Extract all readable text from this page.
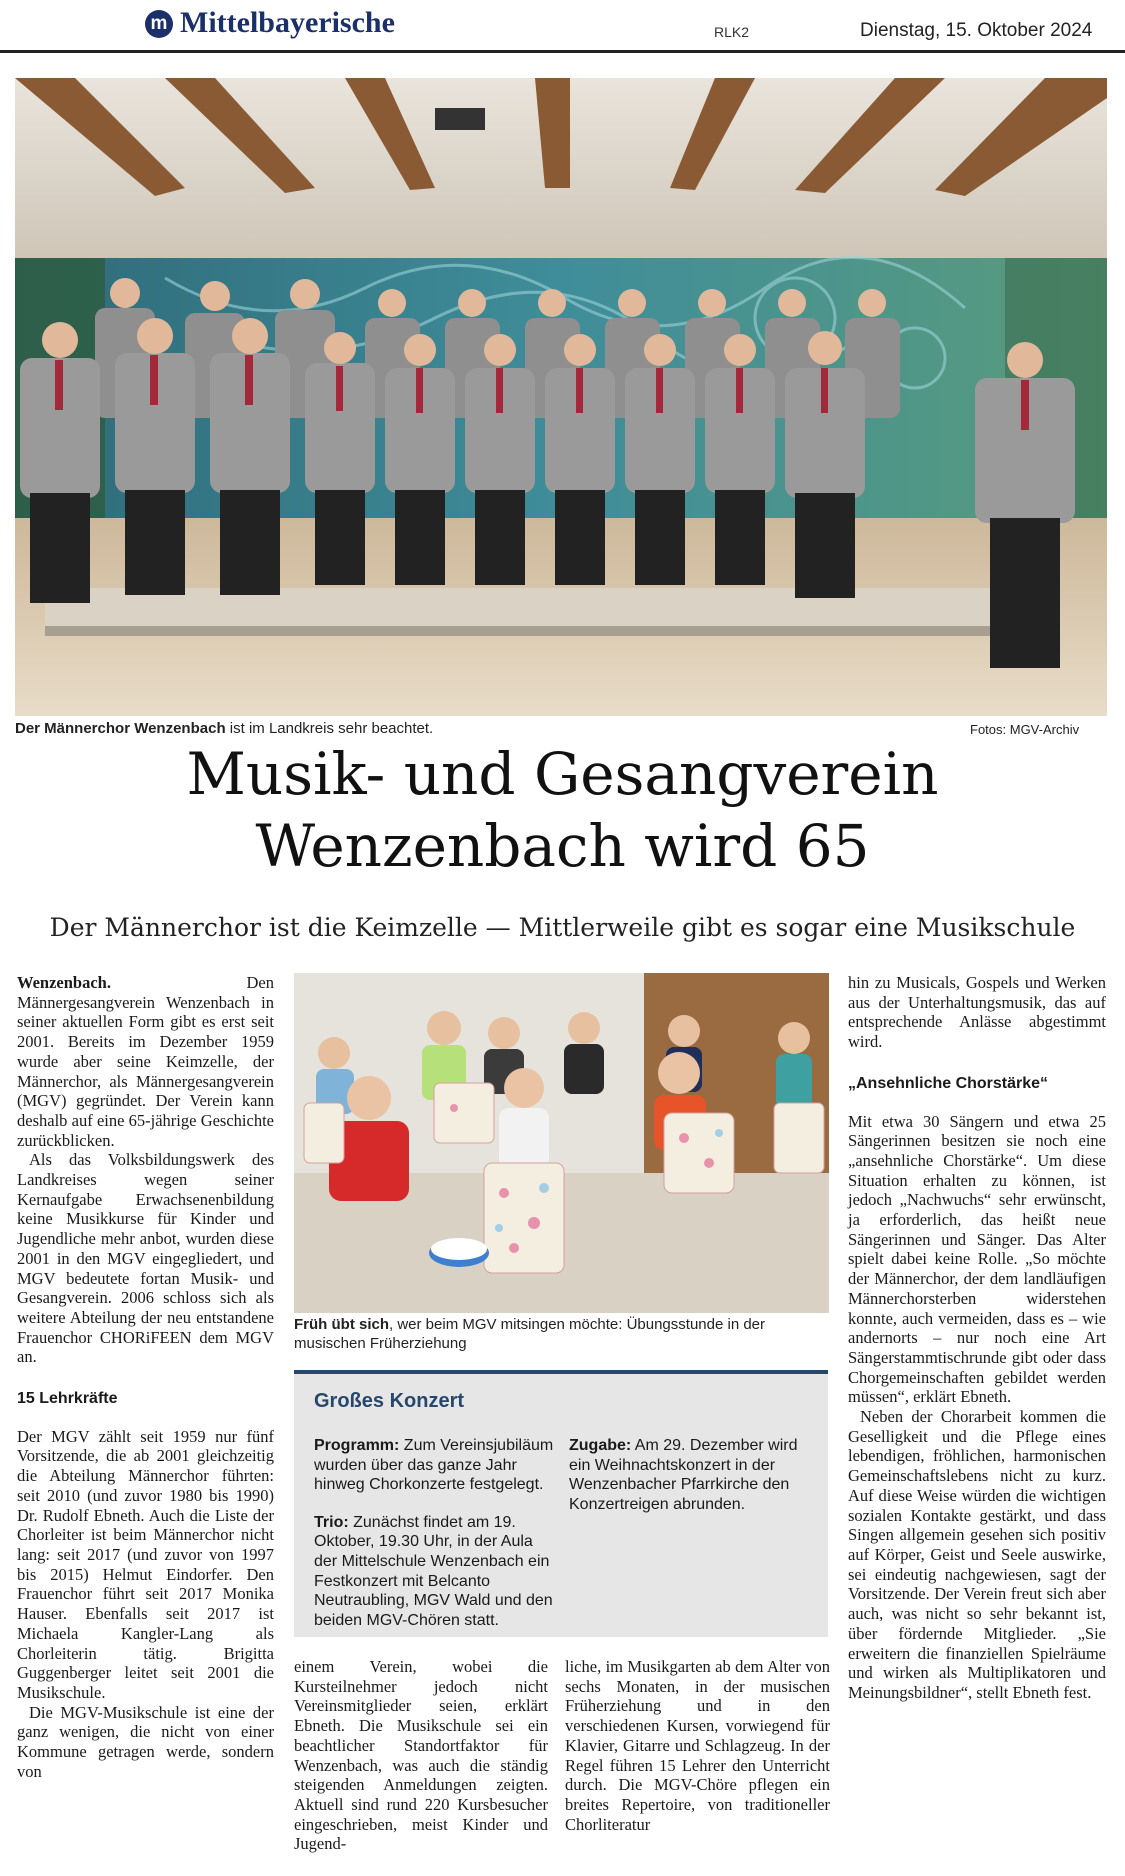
m Mittelbayerische	RLK2	Dienstag, 15. Oktober 2024
Der Männerchor Wenzenbach ist im Landkreis sehr beachtet.	Fotos: MGV-Archiv
Musik- und Gesangverein
Wenzenbach wird 65
Der Männerchor ist die Keimzelle — Mittlerweile gibt es sogar eine Musikschule

Wenzenbach. Den Männergesangverein Wenzenbach in seiner aktuellen Form gibt es erst seit 2001. Bereits im Dezember 1959 wurde aber seine Keimzelle, der Männerchor, als Männergesangverein (MGV) gegründet. Der Verein kann deshalb auf eine 65-jährige Geschichte zurückblicken.

Als das Volksbildungswerk des Landkreises wegen seiner Kernaufgabe Erwachsenenbildung keine Musikkurse für Kinder und Jugendliche mehr anbot, wurden diese 2001 in den MGV eingegliedert, und MGV bedeutete fortan Musik- und Gesangverein. 2006 schloss sich als weitere Abteilung der neu entstandene Frauenchor CHORiFEEN dem MGV an.

15 Lehrkräfte

Der MGV zählt seit 1959 nur fünf Vorsitzende, die ab 2001 gleichzeitig die Abteilung Männerchor führten: seit 2010 (und zuvor 1980 bis 1990) Dr. Rudolf Ebneth. Auch die Liste der Chorleiter ist beim Männerchor nicht lang: seit 2017 (und zuvor von 1997 bis 2015) Helmut Eindorfer. Den Frauenchor führt seit 2017 Monika Hauser. Ebenfalls seit 2017 ist Michaela Kangler-Lang als Chorleiterin tätig. Brigitta Guggenberger leitet seit 2001 die Musikschule.

Die MGV-Musikschule ist eine der ganz wenigen, die nicht von einer Kommune getragen werde, sondern von

Früh übt sich, wer beim MGV mitsingen möchte: Übungsstunde in der musischen Früherziehung
Großes Konzert

Programm: Zum Vereinsjubiläum wurden über das ganze Jahr hinweg Chorkonzerte festgelegt.

Trio: Zunächst findet am 19. Oktober, 19.30 Uhr, in der Aula der Mittelschule Wenzenbach ein Festkonzert mit Belcanto Neutraubling, MGV Wald und den beiden MGV-Chören statt.

Zugabe: Am 29. Dezember wird ein Weihnachtskonzert in der Wenzenbacher Pfarrkirche den Konzertreigen abrunden.

einem Verein, wobei die Kursteilnehmer jedoch nicht Vereinsmitglieder seien, erklärt Ebneth. Die Musikschule sei ein beachtlicher Standortfaktor für Wenzenbach, was auch die ständig steigenden Anmeldungen zeigten. Aktuell sind rund 220 Kursbesucher eingeschrieben, meist Kinder und Jugend-

liche, im Musikgarten ab dem Alter von sechs Monaten, in der musischen Früherziehung und in den verschiedenen Kursen, vorwiegend für Klavier, Gitarre und Schlagzeug. In der Regel führen 15 Lehrer den Unterricht durch. Die MGV-Chöre pflegen ein breites Repertoire, von traditioneller Chorliteratur

hin zu Musicals, Gospels und Werken aus der Unterhaltungsmusik, das auf entsprechende Anlässe abgestimmt wird.

„Ansehnliche Chorstärke“

Mit etwa 30 Sängern und etwa 25 Sängerinnen besitzen sie noch eine „ansehnliche Chorstärke“. Um diese Situation erhalten zu können, ist jedoch „Nachwuchs“ sehr erwünscht, ja erforderlich, das heißt neue Sängerinnen und Sänger. Das Alter spielt dabei keine Rolle. „So möchte der Männerchor, der dem landläufigen Männerchorsterben widerstehen konnte, auch vermeiden, dass es – wie andernorts – nur noch eine Art Sängerstammtischrunde gibt oder dass Chorgemeinschaften gebildet werden müssen“, erklärt Ebneth.

Neben der Chorarbeit kommen die Geselligkeit und die Pflege eines lebendigen, fröhlichen, harmonischen Gemeinschaftslebens nicht zu kurz. Auf diese Weise würden die wichtigen sozialen Kontakte gestärkt, und dass Singen allgemein gesehen sich positiv auf Körper, Geist und Seele auswirke, sei eindeutig nachgewiesen, sagt der Vorsitzende. Der Verein freut sich aber auch, was nicht so sehr bekannt ist, über fördernde Mitglieder. „Sie erweitern die finanziellen Spielräume und wirken als Multiplikatoren und Meinungsbildner“, stellt Ebneth fest.
